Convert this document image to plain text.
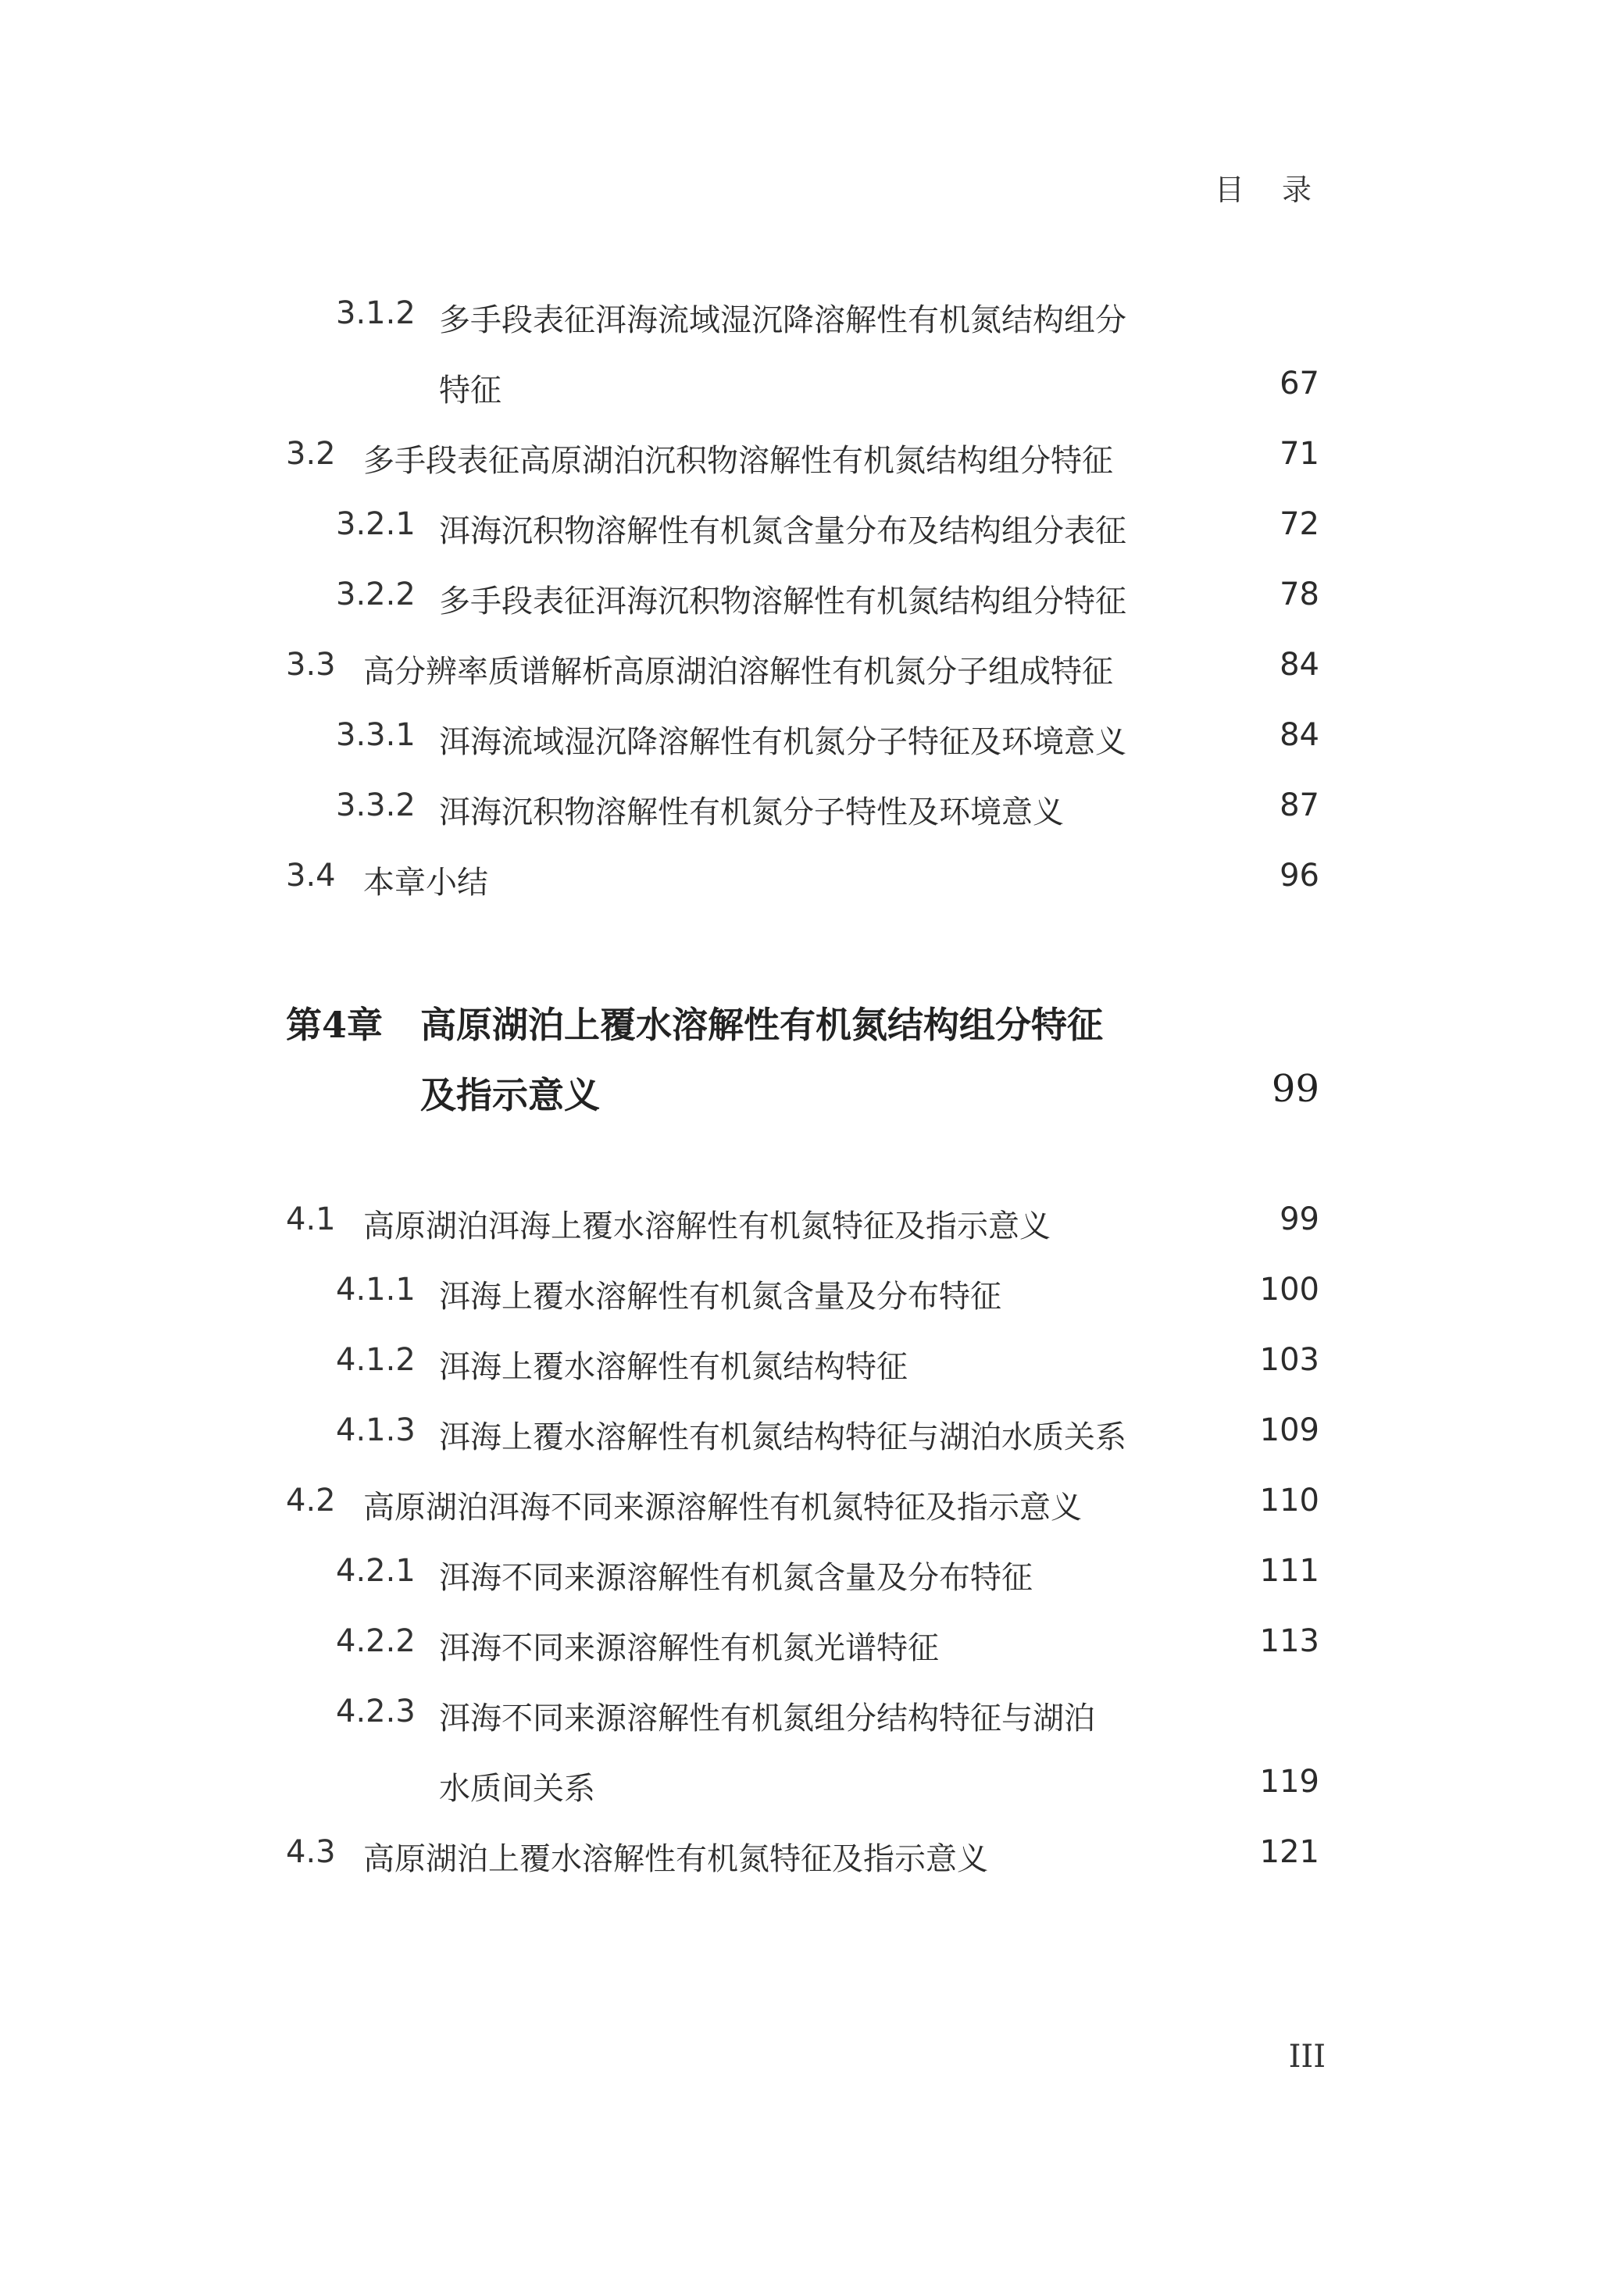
目 录
3.1.2 多手段表征洱海流域湿沉降溶解性有机氮结构组分
特征	67
3.2 多手段表征高原湖泊沉积物溶解性有机氮结构组分特征	71
3.2.1 洱海沉积物溶解性有机氮含量分布及结构组分表征	72
3.2.2 多手段表征洱海沉积物溶解性有机氮结构组分特征	78
3.3 高分辨率质谱解析高原湖泊溶解性有机氮分子组成特征	84
3.3.1 洱海流域湿沉降溶解性有机氮分子特征及环境意义	84
3.3.2 洱海沉积物溶解性有机氮分子特性及环境意义	87
3.4 本章小结	96
第4章 高原湖泊上覆水溶解性有机氮结构组分特征
及指示意义	99
4.1 高原湖泊洱海上覆水溶解性有机氮特征及指示意义	99
4.1.1 洱海上覆水溶解性有机氮含量及分布特征	100
4.1.2 洱海上覆水溶解性有机氮结构特征	103
4.1.3 洱海上覆水溶解性有机氮结构特征与湖泊水质关系	109
4.2 高原湖泊洱海不同来源溶解性有机氮特征及指示意义	110
4.2.1 洱海不同来源溶解性有机氮含量及分布特征	111
4.2.2 洱海不同来源溶解性有机氮光谱特征	113
4.2.3 洱海不同来源溶解性有机氮组分结构特征与湖泊
水质间关系	119
4.3 高原湖泊上覆水溶解性有机氮特征及指示意义	121
III
